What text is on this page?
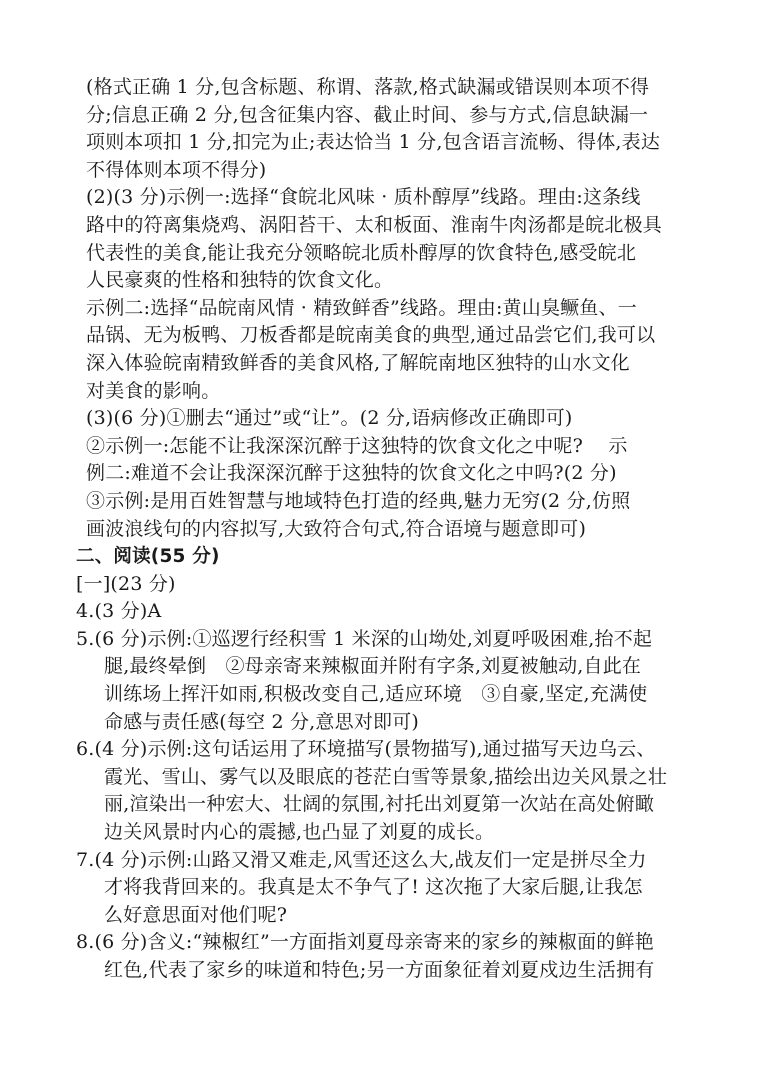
(格式正确 1 分,包含标题、称谓、落款,格式缺漏或错误则本项不得
分;信息正确 2 分,包含征集内容、截止时间、参与方式,信息缺漏一
项则本项扣 1 分,扣完为止;表达恰当 1 分,包含语言流畅、得体,表达
不得体则本项不得分)
(2)(3 分)示例一:选择“食皖北风味 · 质朴醇厚”线路。理由:这条线
路中的符离集烧鸡、涡阳苔干、太和板面、淮南牛肉汤都是皖北极具
代表性的美食,能让我充分领略皖北质朴醇厚的饮食特色,感受皖北
人民豪爽的性格和独特的饮食文化。
示例二:选择“品皖南风情 · 精致鲜香”线路。理由:黄山臭鳜鱼、一
品锅、无为板鸭、刀板香都是皖南美食的典型,通过品尝它们,我可以
深入体验皖南精致鲜香的美食风格,了解皖南地区独特的山水文化
对美食的影响。
(3)(6 分)①删去“通过”或“让”。(2 分,语病修改正确即可)
②示例一:怎能不让我深深沉醉于这独特的饮食文化之中呢?　 示
例二:难道不会让我深深沉醉于这独特的饮食文化之中吗?(2 分)
③示例:是用百姓智慧与地域特色打造的经典,魅力无穷(2 分,仿照
画波浪线句的内容拟写,大致符合句式,符合语境与题意即可)
二、阅读(55 分)
[一](23 分)
4.(3 分)A
5.(6 分)示例:①巡逻行经积雪 1 米深的山坳处,刘夏呼吸困难,抬不起
腿,最终晕倒　②母亲寄来辣椒面并附有字条,刘夏被触动,自此在
训练场上挥汗如雨,积极改变自己,适应环境　③自豪,坚定,充满使
命感与责任感(每空 2 分,意思对即可)
6.(4 分)示例:这句话运用了环境描写(景物描写),通过描写天边乌云、
霞光、雪山、雾气以及眼底的苍茫白雪等景象,描绘出边关风景之壮
丽,渲染出一种宏大、壮阔的氛围,衬托出刘夏第一次站在高处俯瞰
边关风景时内心的震撼,也凸显了刘夏的成长。
7.(4 分)示例:山路又滑又难走,风雪还这么大,战友们一定是拼尽全力
才将我背回来的。我真是太不争气了! 这次拖了大家后腿,让我怎
么好意思面对他们呢?
8.(6 分)含义:“辣椒红”一方面指刘夏母亲寄来的家乡的辣椒面的鲜艳
红色,代表了家乡的味道和特色;另一方面象征着刘夏戍边生活拥有
